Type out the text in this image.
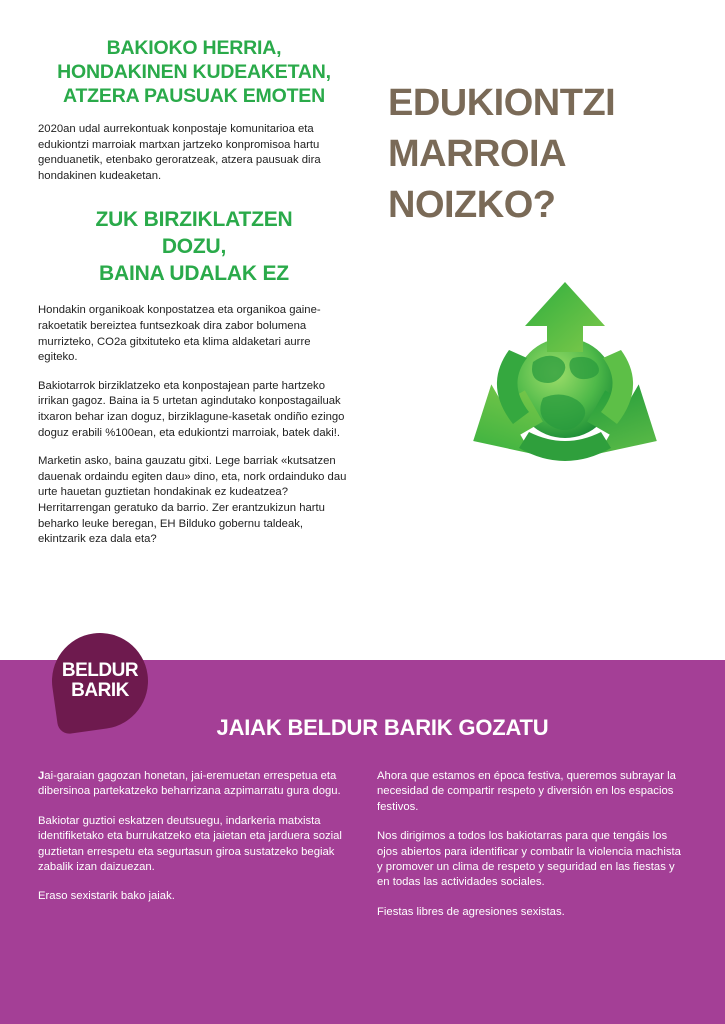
BAKIOKO HERRIA,
HONDAKINEN KUDEAKETAN,
ATZERA PAUSUAK EMOTEN

2020an udal aurrekontuak konpostaje komunitarioa eta edukiontzi marroiak martxan jartzeko konpromisoa hartu genduanetik, etenbako geroratzeak, atzera pausuak dira hondakinen kudeaketan.

ZUK BIRZIKLATZEN
DOZU,
BAINA UDALAK EZ

Hondakin organikoak konpostatzea eta organikoa gaine-rakoetatik bereiztea funtsezkoak dira zabor bolumena murrizteko, CO2a gitxituteko eta klima aldaketari aurre egiteko.

Bakiotarrok birziklatzeko eta konpostajean parte hartzeko irrikan gagoz. Baina ia 5 urtetan agindutako konpostagailuak itxaron behar izan doguz, birziklagune-kasetak ondiño ezingo doguz erabili %100ean, eta edukiontzi marroiak, batek daki!.

Marketin asko, baina gauzatu gitxi. Lege barriak «kutsatzen dauenak ordaindu egiten dau» dino, eta, nork ordainduko dau urte hauetan guztietan hondakinak ez kudeatzea? Herritarrengan geratuko da barrio. Zer erantzukizun hartu beharko leuke beregan, EH Bilduko gobernu taldeak, ekintzarik eza dala eta?

EDUKIONTZI
MARROIA
NOIZKO?
BELDUR
BARIK
JAIAK BELDUR BARIK GOZATU

Jai-garaian gagozan honetan, jai-eremuetan errespetua eta dibersinoa partekatzeko beharrizana azpimarratu gura dogu.

Bakiotar guztioi eskatzen deutsuegu, indarkeria matxista identifiketako eta burrukatzeko eta jaietan eta jarduera sozial guztietan errespetu eta segurtasun giroa sustatzeko begiak zabalik izan daizuezan.

Eraso sexistarik bako jaiak.

Ahora que estamos en época festiva, queremos subrayar la necesidad de compartir respeto y diversión en los espacios festivos.

Nos dirigimos a todos los bakiotarras para que tengáis los ojos abiertos para identificar y combatir la violencia machista y promover un clima de respeto y seguridad en las fiestas y en todas las actividades sociales.

Fiestas libres de agresiones sexistas.
